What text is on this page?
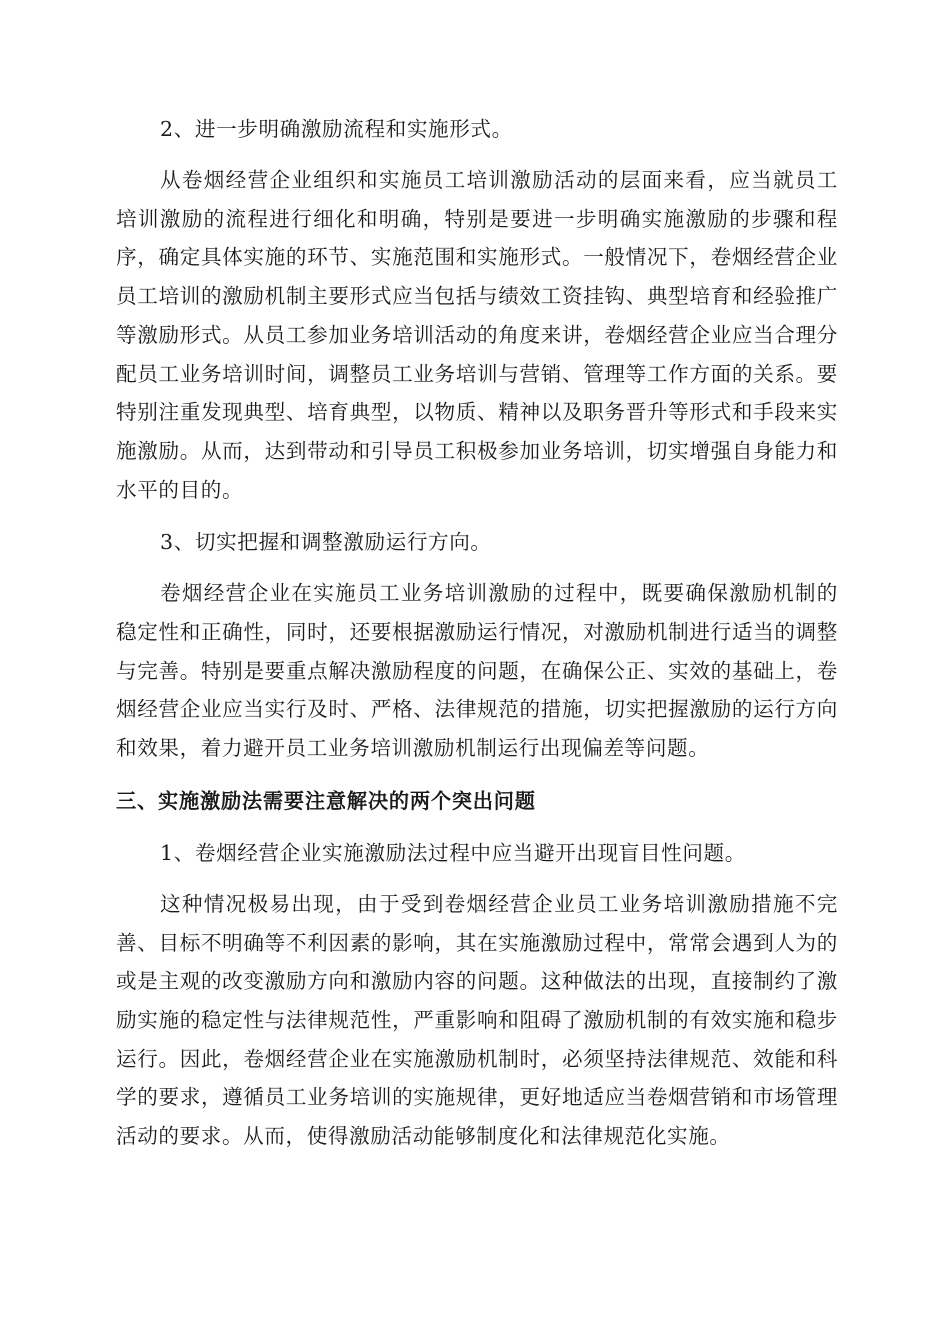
2、进一步明确激励流程和实施形式。

从卷烟经营企业组织和实施员工培训激励活动的层面来看，应当就员工培训激励的流程进行细化和明确，特别是要进一步明确实施激励的步骤和程序，确定具体实施的环节、实施范围和实施形式。一般情况下，卷烟经营企业员工培训的激励机制主要形式应当包括与绩效工资挂钩、典型培育和经验推广等激励形式。从员工参加业务培训活动的角度来讲，卷烟经营企业应当合理分配员工业务培训时间，调整员工业务培训与营销、管理等工作方面的关系。要特别注重发现典型、培育典型，以物质、精神以及职务晋升等形式和手段来实施激励。从而，达到带动和引导员工积极参加业务培训，切实增强自身能力和水平的目的。

3、切实把握和调整激励运行方向。

卷烟经营企业在实施员工业务培训激励的过程中，既要确保激励机制的稳定性和正确性，同时，还要根据激励运行情况，对激励机制进行适当的调整与完善。特别是要重点解决激励程度的问题，在确保公正、实效的基础上，卷烟经营企业应当实行及时、严格、法律规范的措施，切实把握激励的运行方向和效果，着力避开员工业务培训激励机制运行出现偏差等问题。

三、实施激励法需要注意解决的两个突出问题

1、卷烟经营企业实施激励法过程中应当避开出现盲目性问题。

这种情况极易出现，由于受到卷烟经营企业员工业务培训激励措施不完善、目标不明确等不利因素的影响，其在实施激励过程中，常常会遇到人为的或是主观的改变激励方向和激励内容的问题。这种做法的出现，直接制约了激励实施的稳定性与法律规范性，严重影响和阻碍了激励机制的有效实施和稳步运行。因此，卷烟经营企业在实施激励机制时，必须坚持法律规范、效能和科学的要求，遵循员工业务培训的实施规律，更好地适应当卷烟营销和市场管理活动的要求。从而，使得激励活动能够制度化和法律规范化实施。
